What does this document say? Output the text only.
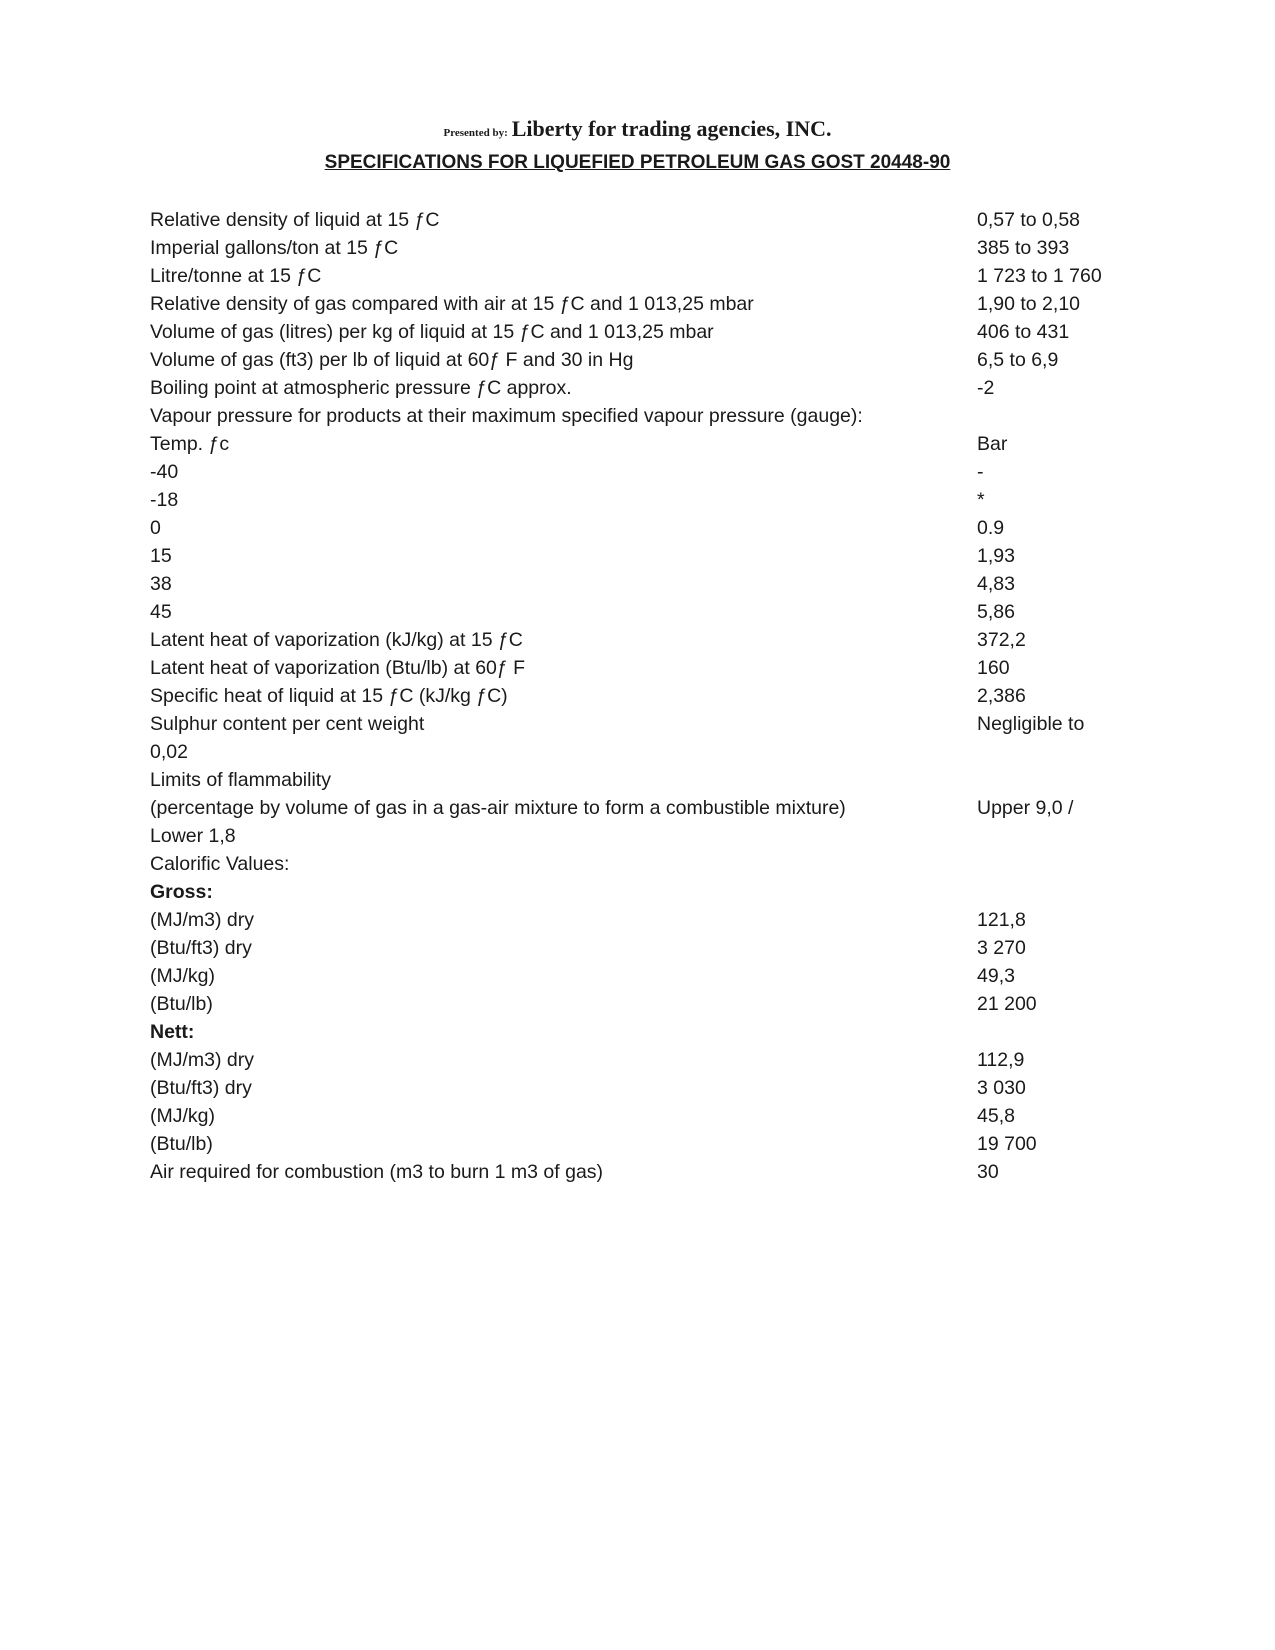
Presented by: Liberty for trading agencies, INC.
SPECIFICATIONS FOR LIQUEFIED PETROLEUM GAS GOST 20448-90
Relative density of liquid at 15 ƒC	0,57 to 0,58
Imperial gallons/ton at 15 ƒC	385 to 393
Litre/tonne at 15 ƒC	1 723 to 1 760
Relative density of gas compared with air at 15 ƒC and 1 013,25 mbar	1,90 to 2,10
Volume of gas (litres) per kg of liquid at 15 ƒC and 1 013,25 mbar	406 to 431
Volume of gas (ft3) per lb of liquid at 60ƒ F and 30 in Hg	6,5 to 6,9
Boiling point at atmospheric pressure ƒC approx.	-2
Vapour pressure for products at their maximum specified vapour pressure (gauge):
Temp. ƒc	Bar
-40	-
-18	*
0	0.9
15	1,93
38	4,83
45	5,86
Latent heat of vaporization (kJ/kg) at 15 ƒC	372,2
Latent heat of vaporization (Btu/lb) at 60ƒ F	160
Specific heat of liquid at 15 ƒC (kJ/kg ƒC)	2,386
Sulphur content per cent weight	Negligible to
0,02
Limits of flammability
(percentage by volume of gas in a gas-air mixture to form a combustible mixture)	Upper 9,0 /
Lower 1,8
Calorific Values:
Gross:
(MJ/m3) dry	121,8
(Btu/ft3) dry	3 270
(MJ/kg)	49,3
(Btu/lb)	21 200
Nett:
(MJ/m3) dry	112,9
(Btu/ft3) dry	3 030
(MJ/kg)	45,8
(Btu/lb)	19 700
Air required for combustion (m3 to burn 1 m3 of gas)	30
